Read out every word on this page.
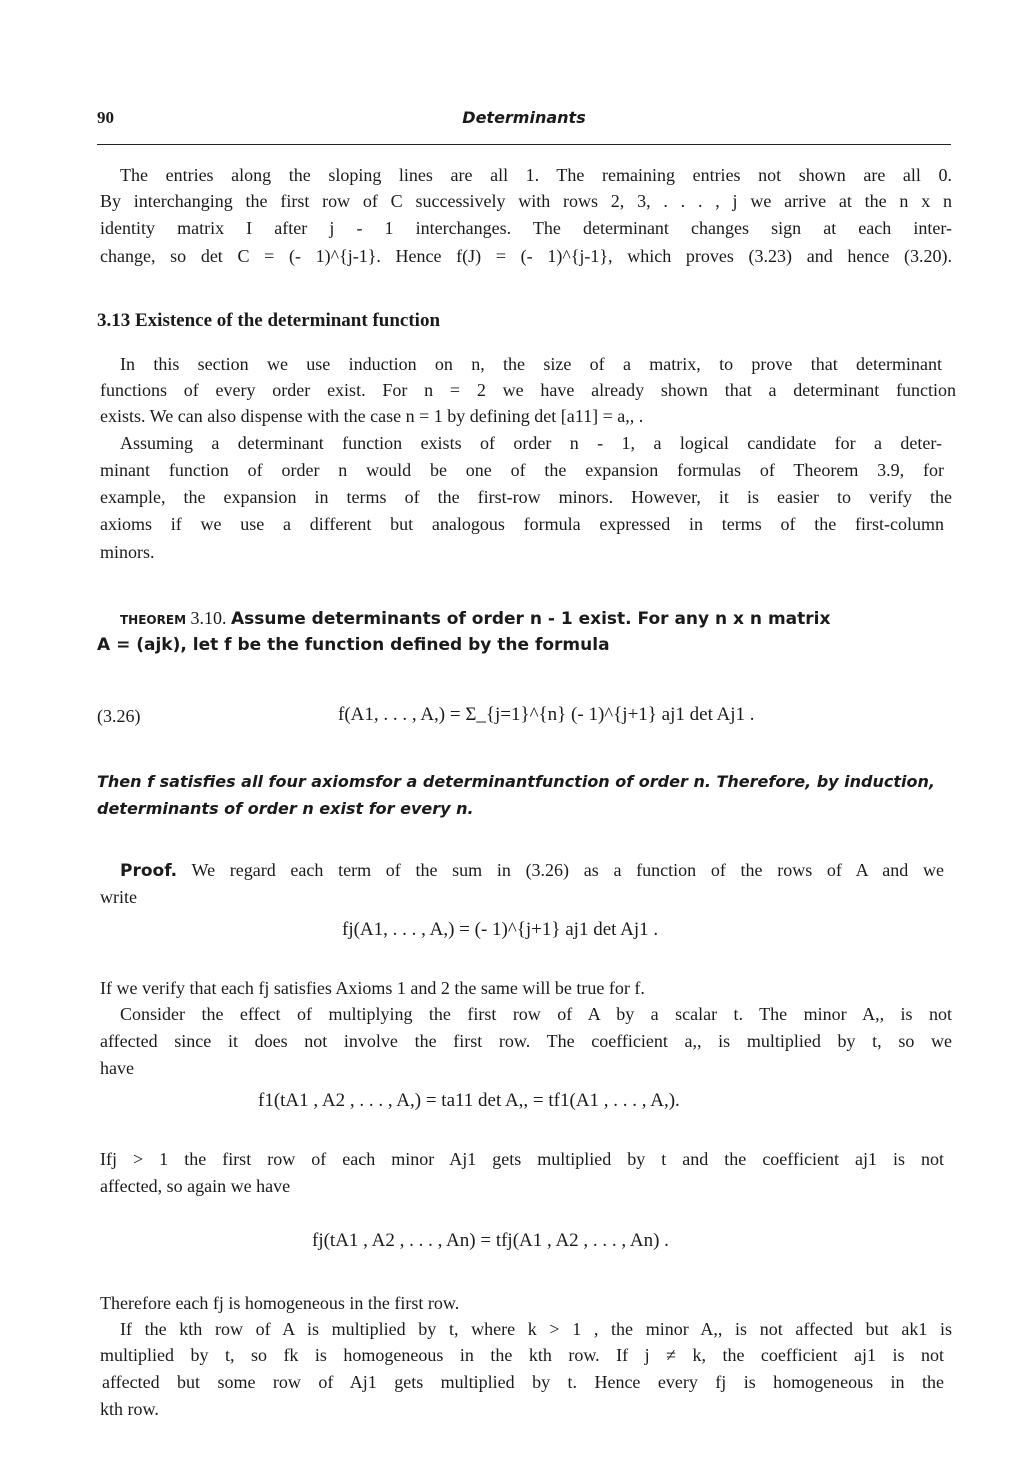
90	Determinants
The entries along the sloping lines are all 1. The remaining entries not shown are all 0.
By interchanging the first row of C successively with rows 2, 3, . . . , j we arrive at the n x n
identity matrix I after j - 1 interchanges. The determinant changes sign at each inter-
change, so det C = (- 1)^{j-1}. Hence f(J) = (- 1)^{j-1}, which proves (3.23) and hence (3.20).
3.13 Existence of the determinant function
In this section we use induction on n, the size of a matrix, to prove that determinant
functions of every order exist. For n = 2 we have already shown that a determinant function
exists. We can also dispense with the case n = 1 by defining det [a11] = a,, .
Assuming a determinant function exists of order n - 1, a logical candidate for a deter-
minant function of order n would be one of the expansion formulas of Theorem 3.9, for
example, the expansion in terms of the first-row minors. However, it is easier to verify the
axioms if we use a different but analogous formula expressed in terms of the first-column
minors.
THEOREM 3.10. Assume determinants of order n - 1 exist. For any n x n matrix
A = (ajk), let f be the function defined by the formula
(3.26)	f(A1, . . . , A,) = Σ_{j=1}^{n} (- 1)^{j+1} aj1 det Aj1 .
Then f satisfies all four axiomsfor a determinantfunction of order n. Therefore, by induction,
determinants of order n exist for every n.
Proof. We regard each term of the sum in (3.26) as a function of the rows of A and we
write
fj(A1, . . . , A,) = (- 1)^{j+1} aj1 det Aj1 .
If we verify that each fj satisfies Axioms 1 and 2 the same will be true for f.
Consider the effect of multiplying the first row of A by a scalar t. The minor A,, is not
affected since it does not involve the first row. The coefficient a,, is multiplied by t, so we
have
f1(tA1 , A2 , . . . , A,) = ta11 det A,, = tf1(A1 , . . . , A,).
Ifj > 1 the first row of each minor Aj1 gets multiplied by t and the coefficient aj1 is not
affected, so again we have
fj(tA1 , A2 , . . . , An) = tfj(A1 , A2 , . . . , An) .
Therefore each fj is homogeneous in the first row.
If the kth row of A is multiplied by t, where k > 1 , the minor A,, is not affected but ak1 is
multiplied by t, so fk is homogeneous in the kth row. If j ≠ k, the coefficient aj1 is not
affected but some row of Aj1 gets multiplied by t. Hence every fj is homogeneous in the
kth row.
